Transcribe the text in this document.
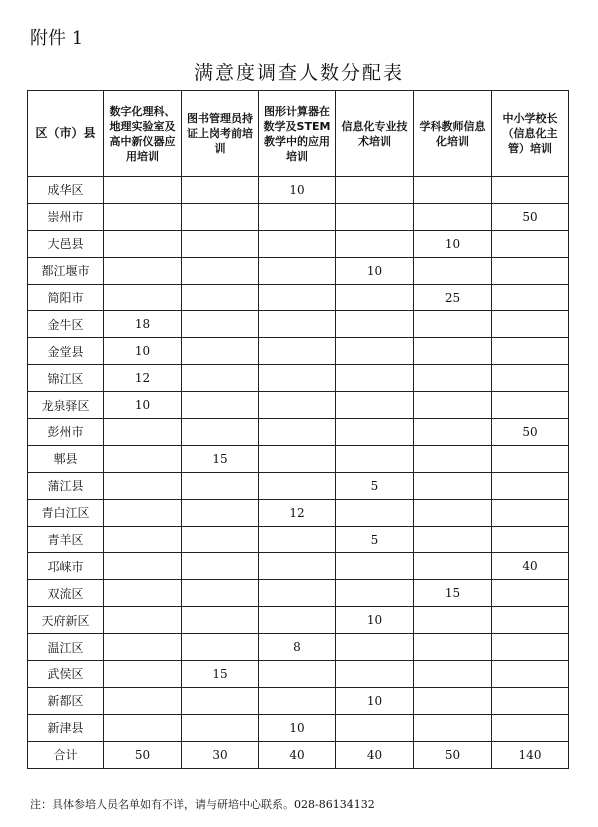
附件 1
满意度调查人数分配表
区（市）县	数字化理科、地理实验室及高中新仪器应用培训	图书管理员持证上岗考前培训	图形计算器在数学及STEM教学中的应用培训	信息化专业技术培训	学科教师信息化培训	中小学校长（信息化主管）培训
成华区			10			
崇州市						50
大邑县					10	
都江堰市				10		
简阳市					25	
金牛区	18					
金堂县	10					
锦江区	12					
龙泉驿区	10					
彭州市						50
郫县		15				
蒲江县				5		
青白江区			12			
青羊区				5		
邛崃市						40
双流区					15	
天府新区				10		
温江区			8			
武侯区		15				
新都区				10		
新津县			10			
合计	50	30	40	40	50	140
注：具体参培人员名单如有不详，请与研培中心联系。028-86134132
